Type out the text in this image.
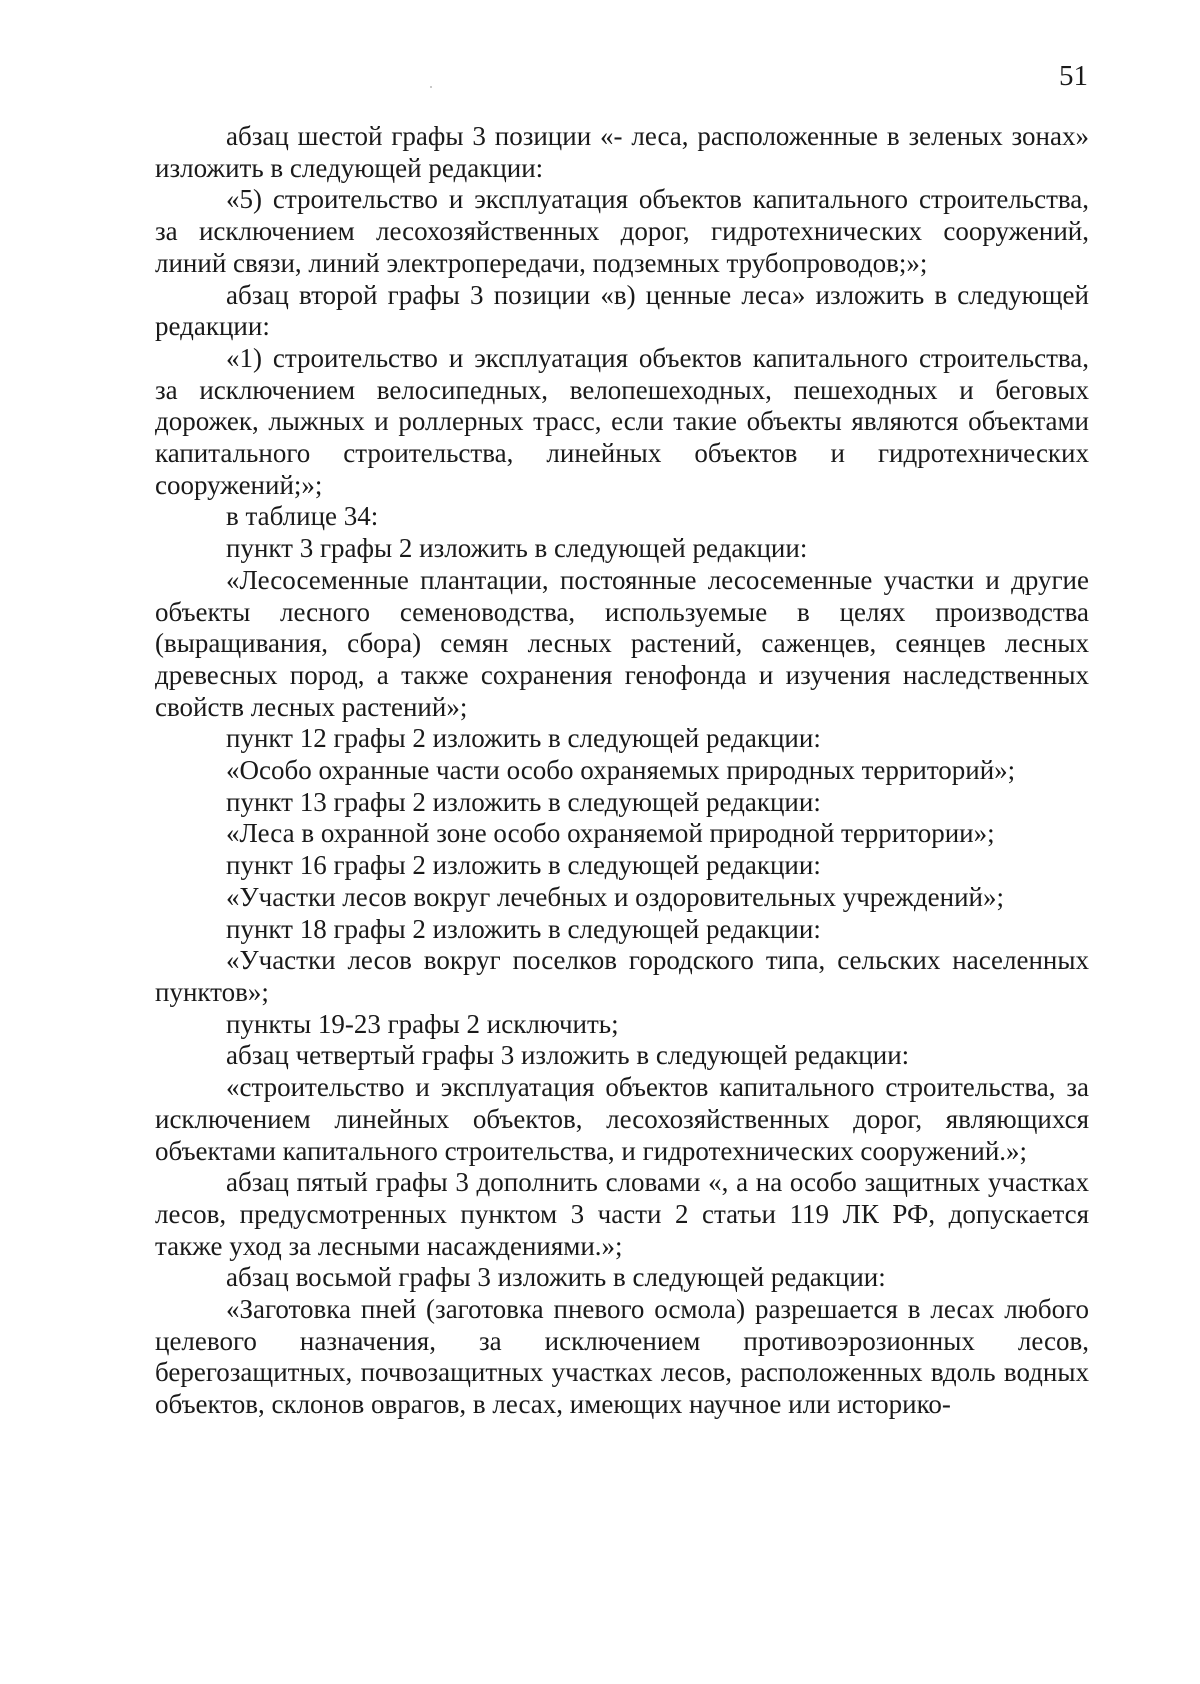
51

абзац шестой графы 3 позиции «- леса, расположенные в зеленых зонах» изложить в следующей редакции:

«5) строительство и эксплуатация объектов капитального строительства, за исключением лесохозяйственных дорог, гидротехнических сооружений, линий связи, линий электропередачи, подземных трубопроводов;»;

абзац второй графы 3 позиции «в) ценные леса» изложить в следующей редакции:

«1) строительство и эксплуатация объектов капитального строительства, за исключением велосипедных, велопешеходных, пешеходных и беговых дорожек, лыжных и роллерных трасс, если такие объекты являются объектами капитального строительства, линейных объектов и гидротехнических сооружений;»;

в таблице 34:

пункт 3 графы 2 изложить в следующей редакции:

«Лесосеменные плантации, постоянные лесосеменные участки и другие объекты лесного семеноводства, используемые в целях производства (выращивания, сбора) семян лесных растений, саженцев, сеянцев лесных древесных пород, а также сохранения генофонда и изучения наследственных свойств лесных растений»;

пункт 12 графы 2 изложить в следующей редакции:

«Особо охранные части особо охраняемых природных территорий»;

пункт 13 графы 2 изложить в следующей редакции:

«Леса в охранной зоне особо охраняемой природной территории»;

пункт 16 графы 2 изложить в следующей редакции:

«Участки лесов вокруг лечебных и оздоровительных учреждений»;

пункт 18 графы 2 изложить в следующей редакции:

«Участки лесов вокруг поселков городского типа, сельских населенных пунктов»;

пункты 19-23 графы 2 исключить;

абзац четвертый графы 3 изложить в следующей редакции:

«строительство и эксплуатация объектов капитального строительства, за исключением линейных объектов, лесохозяйственных дорог, являющихся объектами капитального строительства, и гидротехнических сооружений.»;

абзац пятый графы 3 дополнить словами «, а на особо защитных участках лесов, предусмотренных пунктом 3 части 2 статьи 119 ЛК РФ, допускается также уход за лесными насаждениями.»;

абзац восьмой графы 3 изложить в следующей редакции:

«Заготовка пней (заготовка пневого осмола) разрешается в лесах любого целевого назначения, за исключением противоэрозионных лесов, берегозащитных, почвозащитных участках лесов, расположенных вдоль водных объектов, склонов оврагов, в лесах, имеющих научное или историко-
